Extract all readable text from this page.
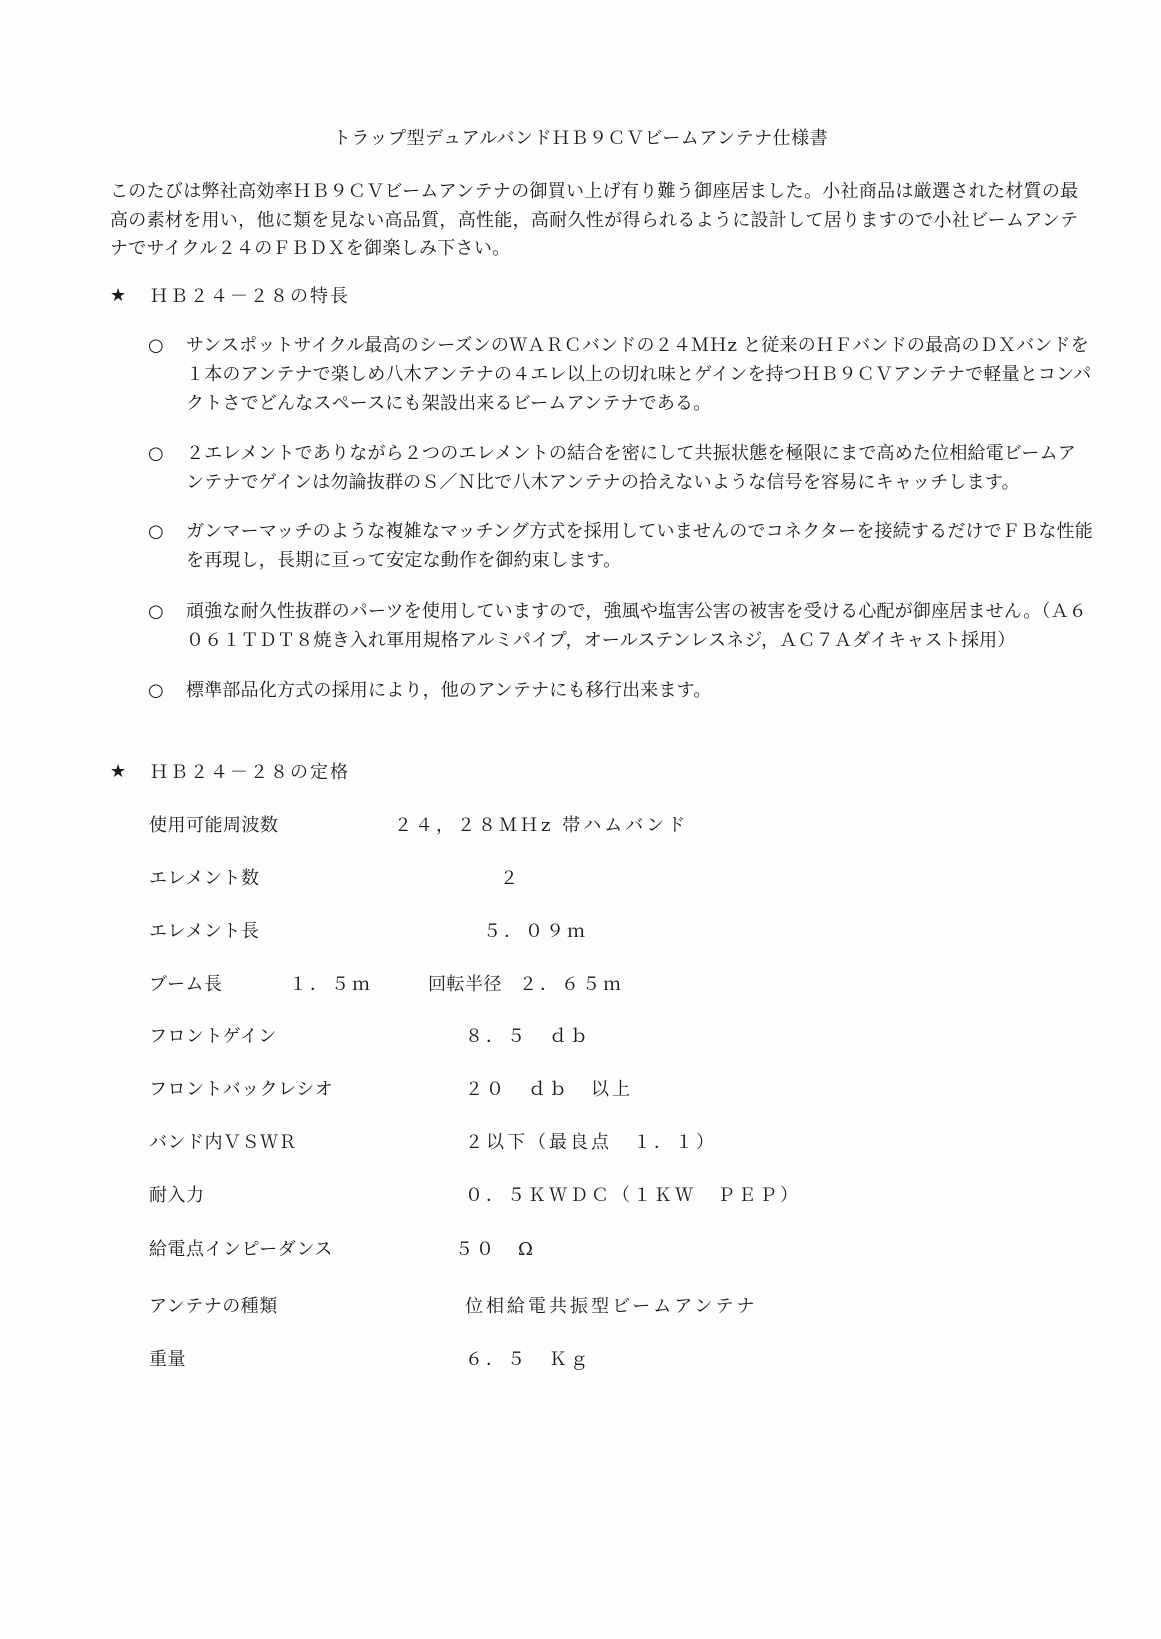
トラップ型デュアルバンドＨＢ９ＣＶビームアンテナ仕様書
このたびは弊社高効率ＨＢ９ＣＶビームアンテナの御買い上げ有り難う御座居ました。小社商品は厳選された材質の最高の素材を用い，他に類を見ない高品質，高性能，高耐久性が得られるように設計して居りますので小社ビームアンテナでサイクル２４のＦＢＤＸを御楽しみ下さい。
★	ＨＢ２４－２８の特長
○	サンスポットサイクル最高のシーズンのＷＡＲＣバンドの２４ＭＨz と従来のＨＦバンドの最高のＤＸバンドを１本のアンテナで楽しめ八木アンテナの４エレ以上の切れ味とゲインを持つＨＢ９ＣＶアンテナで軽量とコンパクトさでどんなスペースにも架設出来るビームアンテナである。
○	２エレメントでありながら２つのエレメントの結合を密にして共振状態を極限にまで高めた位相給電ビームアンテナでゲインは勿論抜群のＳ／Ｎ比で八木アンテナの拾えないような信号を容易にキャッチします。
○	ガンマーマッチのような複雑なマッチング方式を採用していませんのでコネクターを接続するだけでＦＢな性能を再現し，長期に亘って安定な動作を御約束します。
○	頑強な耐久性抜群のパーツを使用していますので，強風や塩害公害の被害を受ける心配が御座居ません。（Ａ６０６１ＴＤＴ８焼き入れ軍用規格アルミパイプ，オールステンレスネジ，ＡＣ７Ａダイキャスト採用）
○	標準部品化方式の採用により，他のアンテナにも移行出来ます。
★	ＨＢ２４－２８の定格
使用可能周波数	２４，２８ＭＨz 帯ハムバンド
エレメント数	２
エレメント長	５．０９ｍ
ブーム長	１．５ｍ	回転半径 ２．６５ｍ
フロントゲイン	８．５　ｄｂ
フロントバックレシオ	２０　ｄｂ　以上
バンド内ＶＳＷＲ	２以下（最良点　１．１）
耐入力	０．５ＫＷＤＣ（１ＫＷ　ＰＥＰ）
給電点インピーダンス	５０　Ω
アンテナの種類	位相給電共振型ビームアンテナ
重量	６．５　Ｋｇ
